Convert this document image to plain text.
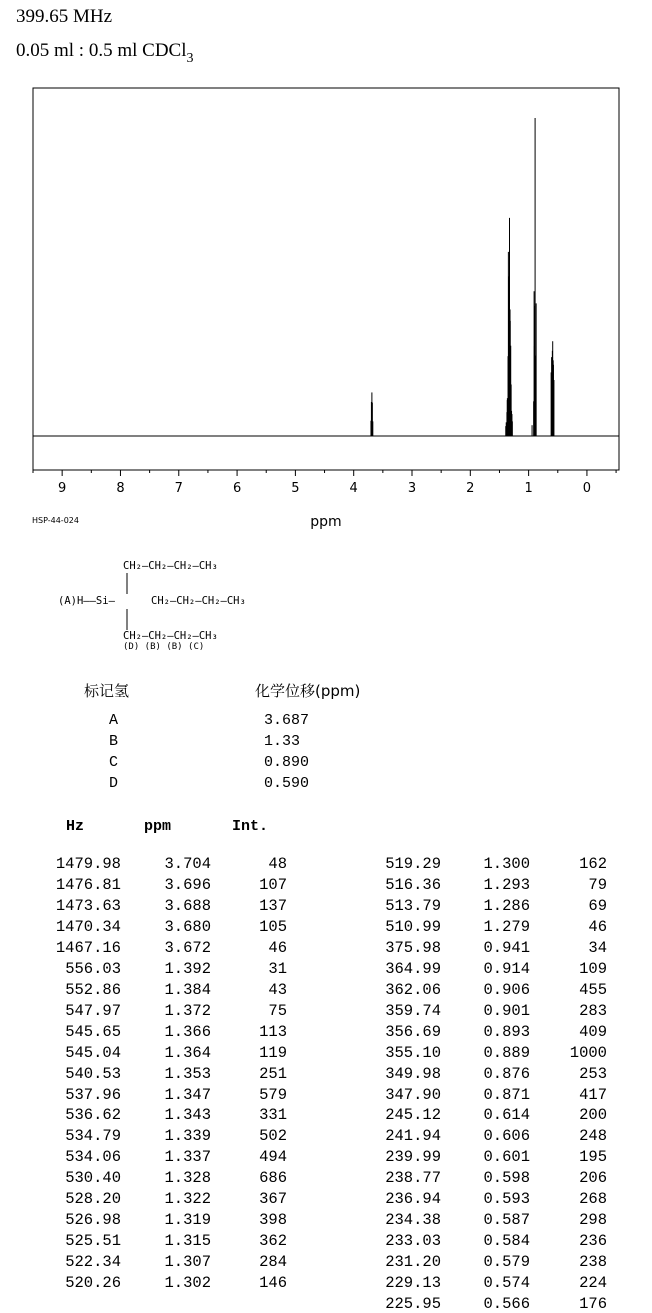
399.65 MHz
0.05 ml : 0.5 ml CDCl$_3$
9	8	7	6	5	4	3	2	1	0
ppm
HSP-44-024
CH₂—CH₂—CH₂—CH₃
(A)H——Si—	CH₂—CH₂—CH₂—CH₃
CH₂—CH₂—CH₂—CH₃
(D) (B) (B) (C)
标记氢	化学位移(ppm)
A	3.687
B	1.33
C	0.890
D	0.590
Hz	ppm	Int.
1479.98	3.704	48
1476.81	3.696	107
1473.63	3.688	137
1470.34	3.680	105
1467.16	3.672	46
556.03	1.392	31
552.86	1.384	43
547.97	1.372	75
545.65	1.366	113
545.04	1.364	119
540.53	1.353	251
537.96	1.347	579
536.62	1.343	331
534.79	1.339	502
534.06	1.337	494
530.40	1.328	686
528.20	1.322	367
526.98	1.319	398
525.51	1.315	362
522.34	1.307	284
520.26	1.302	146
519.29	1.300	162
516.36	1.293	79
513.79	1.286	69
510.99	1.279	46
375.98	0.941	34
364.99	0.914	109
362.06	0.906	455
359.74	0.901	283
356.69	0.893	409
355.10	0.889	1000
349.98	0.876	253
347.90	0.871	417
245.12	0.614	200
241.94	0.606	248
239.99	0.601	195
238.77	0.598	206
236.94	0.593	268
234.38	0.587	298
233.03	0.584	236
231.20	0.579	238
229.13	0.574	224
225.95	0.566	176
